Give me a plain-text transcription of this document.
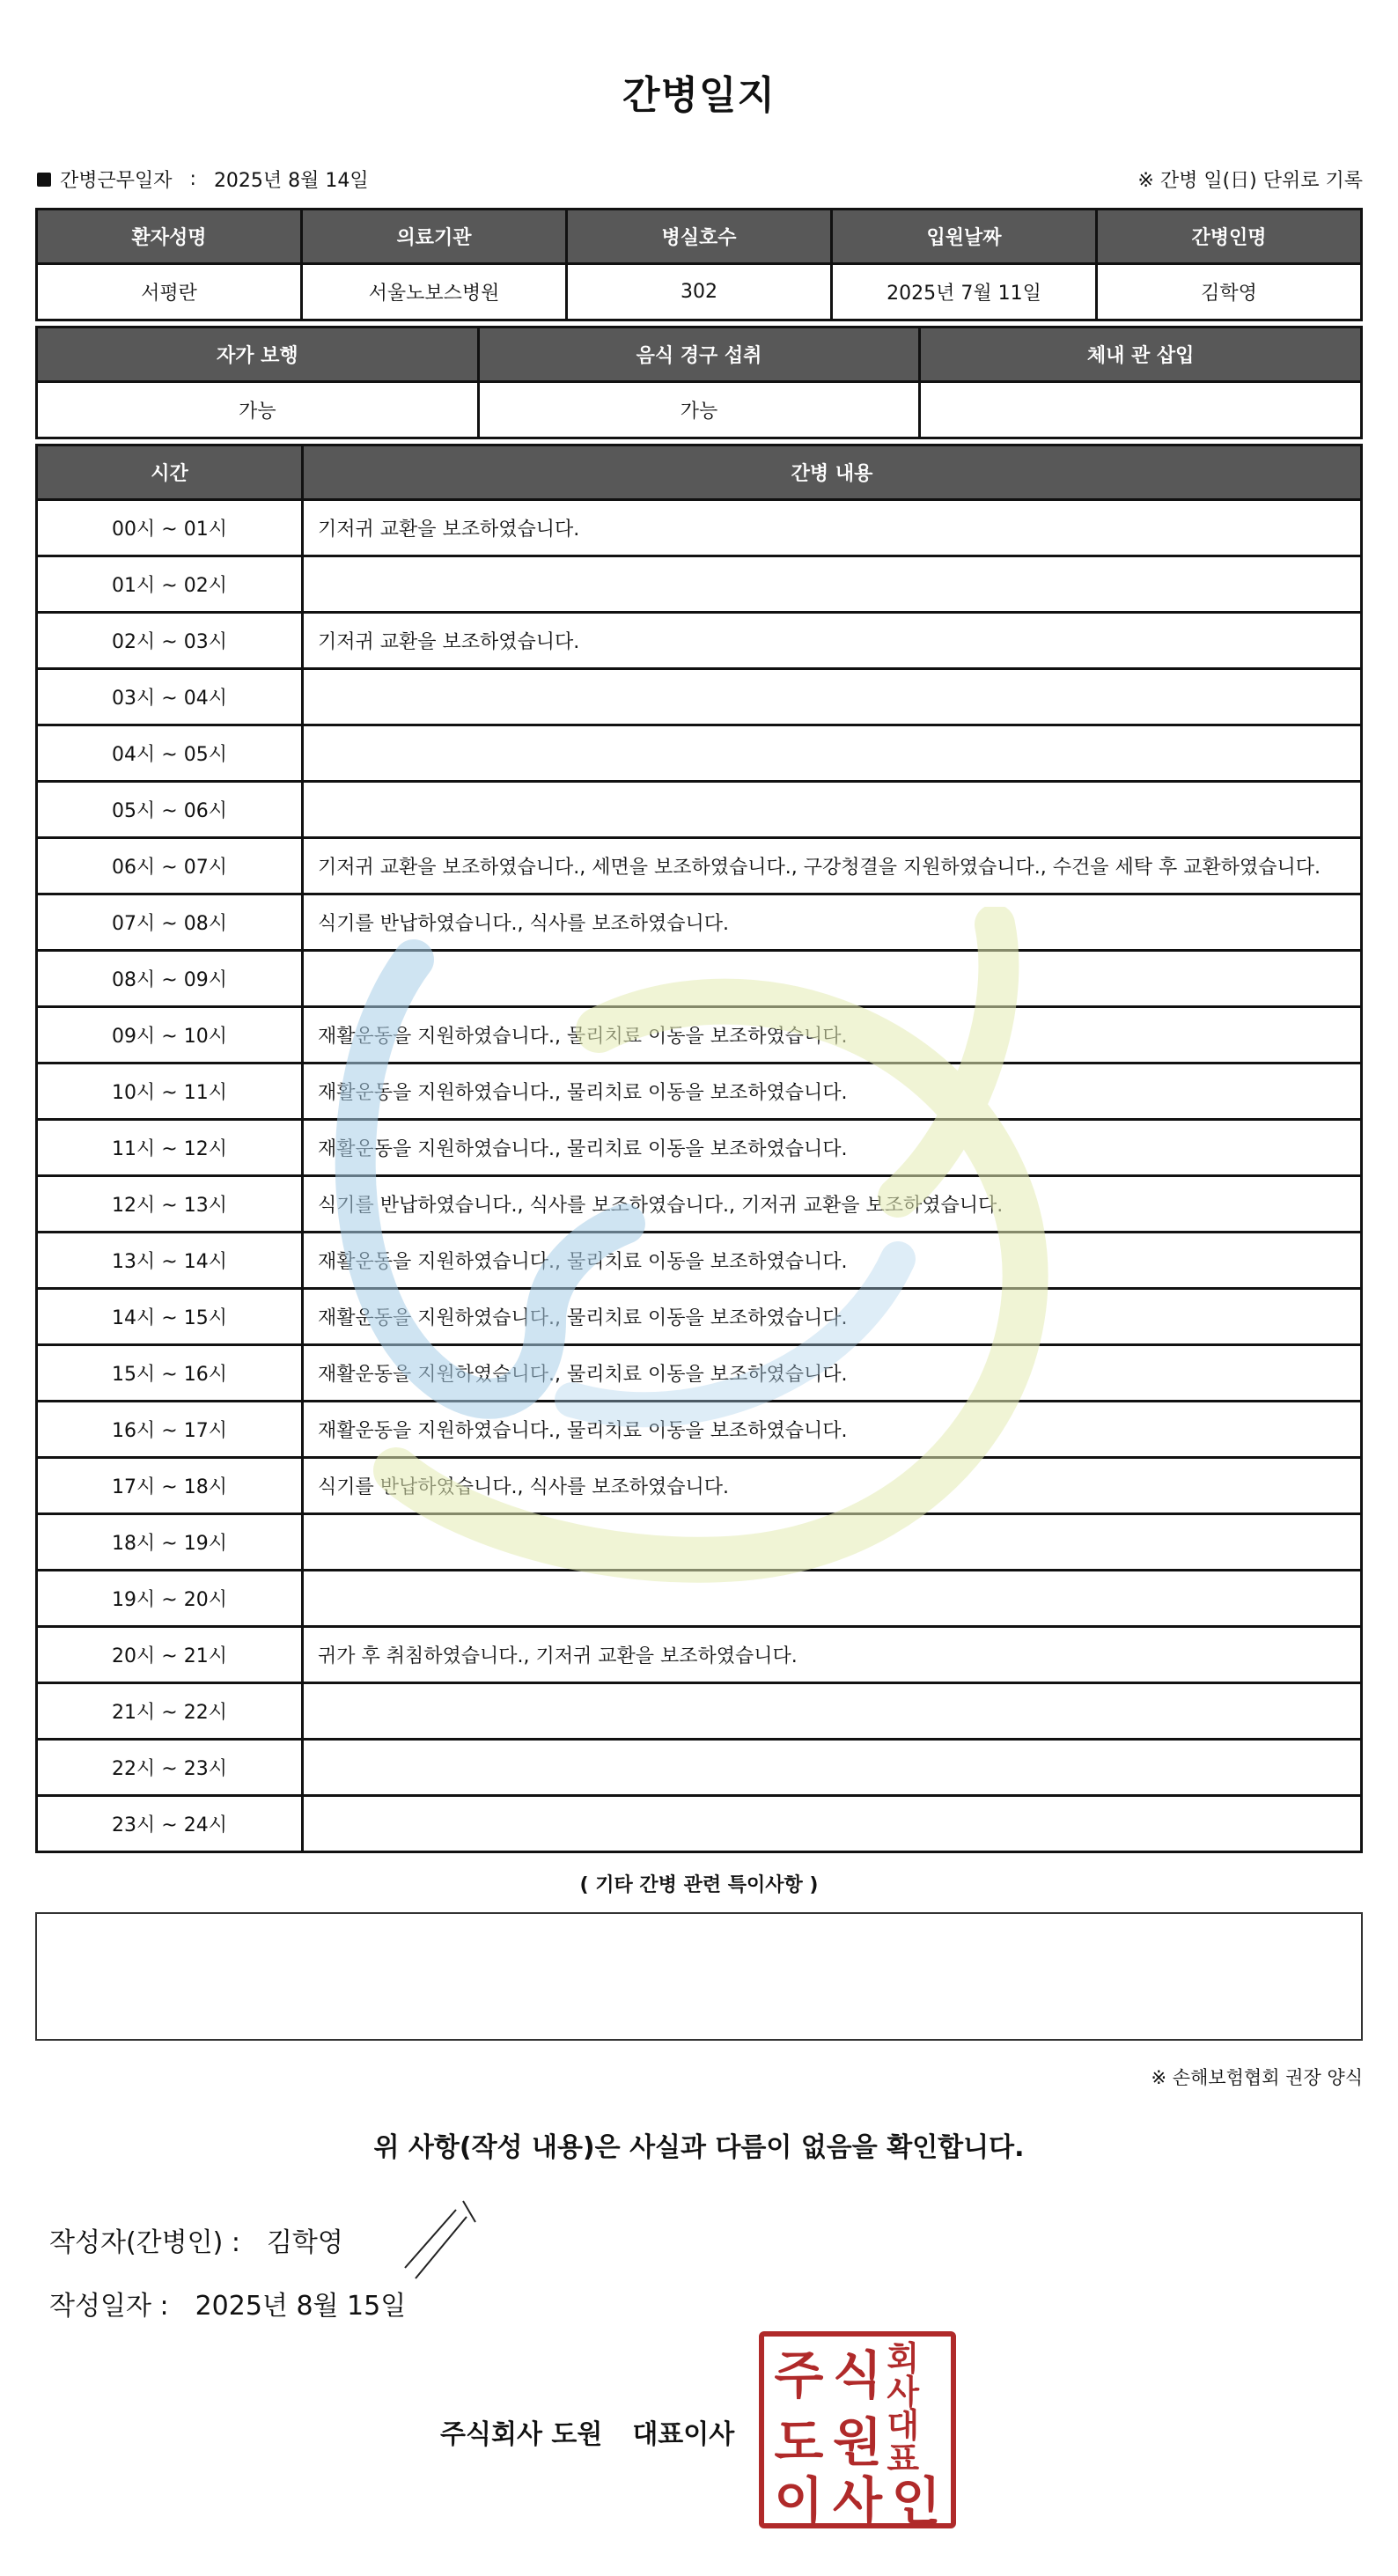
간병일지
간병근무일자 : 2025년 8월 14일	※ 간병 일(日) 단위로 기록
환자성명	의료기관	병실호수	입원날짜	간병인명
서평란	서울노보스병원	302	2025년 7월 11일	김학영
자가 보행	음식 경구 섭취	체내 관 삽입
가능	가능	
시간	간병 내용
00시 ~ 01시	기저귀 교환을 보조하였습니다.
01시 ~ 02시	
02시 ~ 03시	기저귀 교환을 보조하였습니다.
03시 ~ 04시	
04시 ~ 05시	
05시 ~ 06시	
06시 ~ 07시	기저귀 교환을 보조하였습니다., 세면을 보조하였습니다., 구강청결을 지원하였습니다., 수건을 세탁 후 교환하였습니다.
07시 ~ 08시	식기를 반납하였습니다., 식사를 보조하였습니다.
08시 ~ 09시	
09시 ~ 10시	재활운동을 지원하였습니다., 물리치료 이동을 보조하였습니다.
10시 ~ 11시	재활운동을 지원하였습니다., 물리치료 이동을 보조하였습니다.
11시 ~ 12시	재활운동을 지원하였습니다., 물리치료 이동을 보조하였습니다.
12시 ~ 13시	식기를 반납하였습니다., 식사를 보조하였습니다., 기저귀 교환을 보조하였습니다.
13시 ~ 14시	재활운동을 지원하였습니다., 물리치료 이동을 보조하였습니다.
14시 ~ 15시	재활운동을 지원하였습니다., 물리치료 이동을 보조하였습니다.
15시 ~ 16시	재활운동을 지원하였습니다., 물리치료 이동을 보조하였습니다.
16시 ~ 17시	재활운동을 지원하였습니다., 물리치료 이동을 보조하였습니다.
17시 ~ 18시	식기를 반납하였습니다., 식사를 보조하였습니다.
18시 ~ 19시	
19시 ~ 20시	
20시 ~ 21시	귀가 후 취침하였습니다., 기저귀 교환을 보조하였습니다.
21시 ~ 22시	
22시 ~ 23시	
23시 ~ 24시	
( 기타 간병 관련 특이사항 )
※ 손해보험협회 권장 양식
위 사항(작성 내용)은 사실과 다름이 없음을 확인합니다.
작성자(간병인) : 김학영
작성일자 : 2025년 8월 15일
주식회사 도원 대표이사
주 식 회사
도 원 대표
이 사 인
